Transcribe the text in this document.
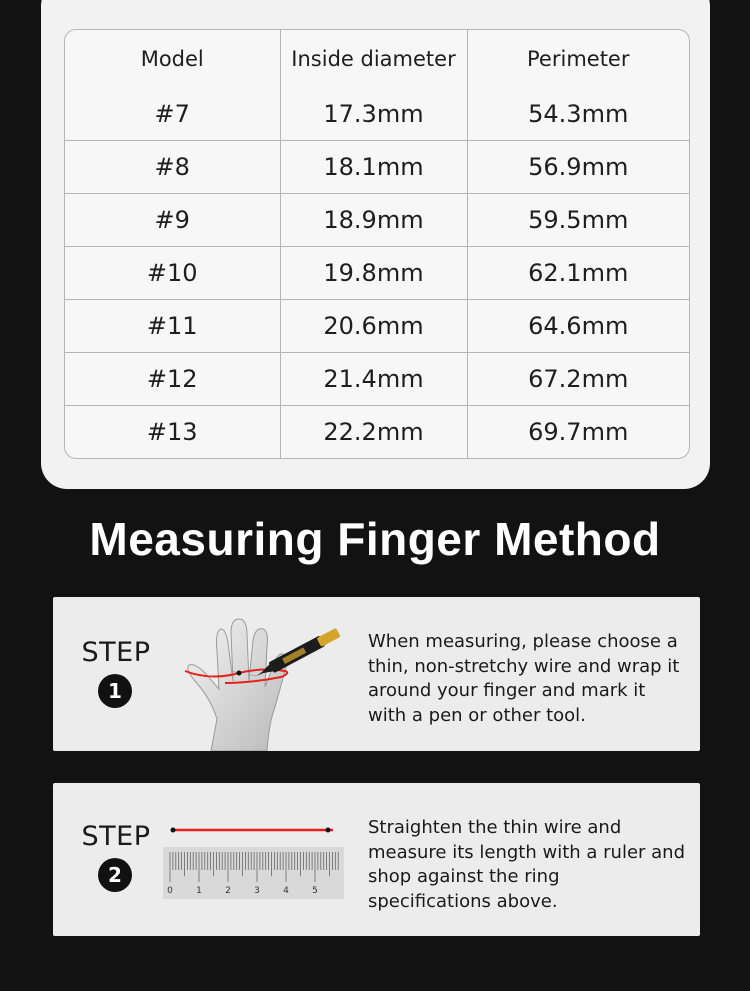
Model	Inside diameter	Perimeter
#7	17.3mm	54.3mm
#8	18.1mm	56.9mm
#9	18.9mm	59.5mm
#10	19.8mm	62.1mm
#11	20.6mm	64.6mm
#12	21.4mm	67.2mm
#13	22.2mm	69.7mm
Measuring Finger Method
STEP
1
When measuring, please choose a thin, non-stretchy wire and wrap it around your finger and mark it with a pen or other tool.
STEP
2
0	1	2	3	4	5
Straighten the thin wire and measure its length with a ruler and shop against the ring specifications above.
